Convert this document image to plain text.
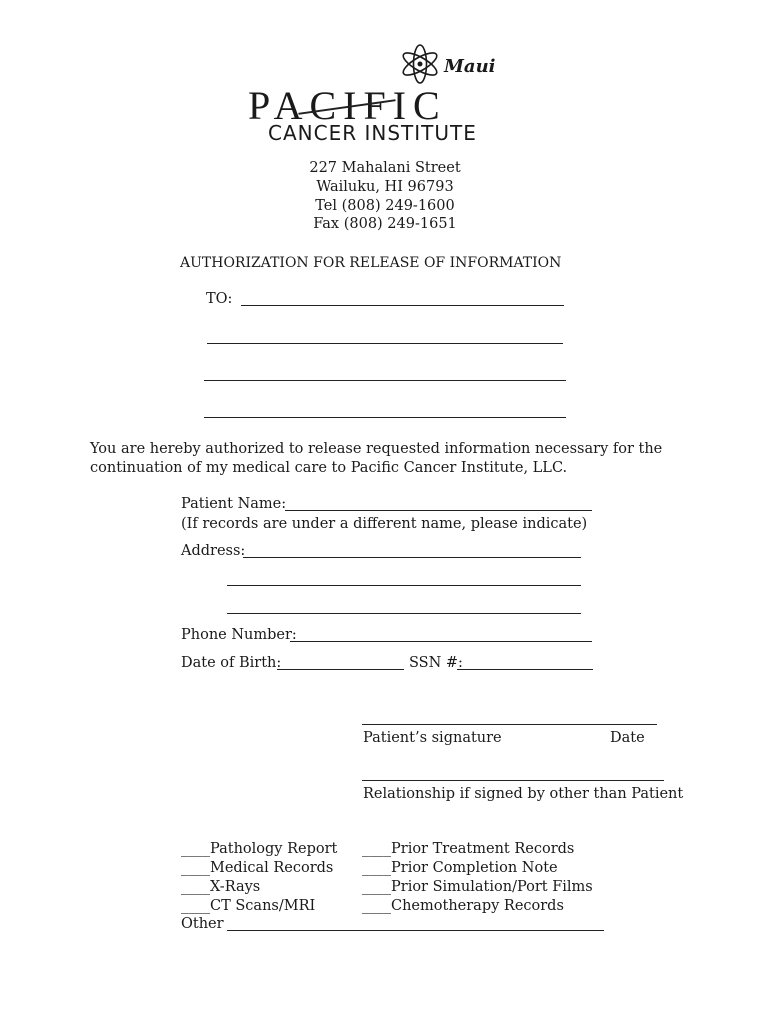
Maui
PACIFIC
CANCER INSTITUTE
227 Mahalani Street
Wailuku, HI 96793
Tel (808) 249-1600
Fax (808) 249-1651
AUTHORIZATION FOR RELEASE OF INFORMATION
TO:
You are hereby authorized to release requested information necessary for the
continuation of my medical care to Pacific Cancer Institute, LLC.
Patient Name:
(If records are under a different name, please indicate)
Address:
Phone Number:
Date of Birth:	SSN #:
Patient’s signature	Date
Relationship if signed by other than Patient
____Pathology Report
____Medical Records
____X-Rays
____CT Scans/MRI
____Prior Treatment Records
____Prior Completion Note
____Prior Simulation/Port Films
____Chemotherapy Records
Other
